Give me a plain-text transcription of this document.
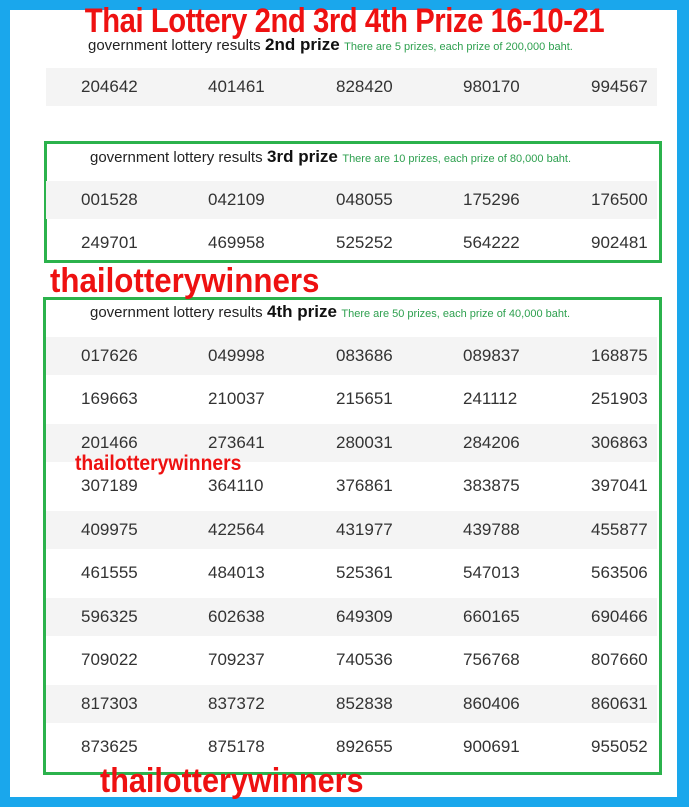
Thai Lottery 2nd 3rd 4th Prize 16-10-21
government lottery results 2nd prize There are 5 prizes, each prize of 200,000 baht.
government lottery results 3rd prize There are 10 prizes, each prize of 80,000 baht.
government lottery results 4th prize There are 50 prizes, each prize of 40,000 baht.
204642	401461	828420	980170	994567
001528	042109	048055	175296	176500
249701	469958	525252	564222	902481
017626	049998	083686	089837	168875
169663	210037	215651	241112	251903
201466	273641	280031	284206	306863
307189	364110	376861	383875	397041
409975	422564	431977	439788	455877
461555	484013	525361	547013	563506
596325	602638	649309	660165	690466
709022	709237	740536	756768	807660
817303	837372	852838	860406	860631
873625	875178	892655	900691	955052
thailotterywinners
thailotterywinners
thailotterywinners
